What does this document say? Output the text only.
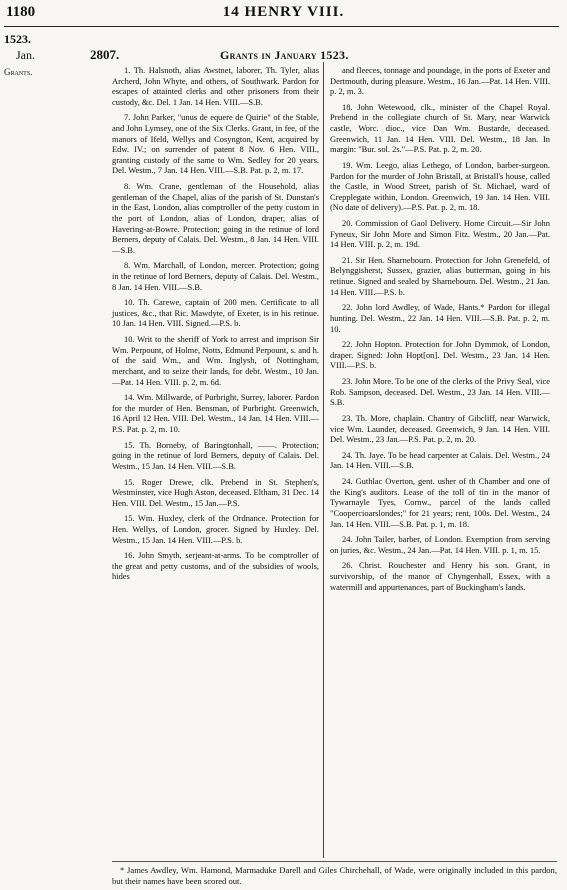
1180	14 HENRY VIII.
1523.
Jan.
Grants.
2807.	Grants in January 1523.

1. Th. Halsnoth, alias Awstnet, laborer, Th. Tyler, alias Archerd, John Whyte, and others, of Southwark. Pardon for escapes of attainted clerks and other prisoners from their custody, &c. Del. 1 Jan. 14 Hen. VIII.—S.B.

7. John Parker, "unus de equere de Quirie" of the Stable, and John Lymsey, one of the Six Clerks. Grant, in fee, of the manors of Ifeld, Wellys and Cosyngton, Kent, acquired by Edw. IV.; on surrender of patent 8 Nov. 6 Hen. VIII., granting custody of the same to Wm. Sedley for 20 years. Del. Westm., 7 Jan. 14 Hen. VIII.—S.B. Pat. p. 2, m. 17.

8. Wm. Crane, gentleman of the Household, alias gentleman of the Chapel, alias of the parish of St. Dunstan's in the East, London, alias comptroller of the petty custom in the port of London, alias of London, draper, alias of Havering-at-Bowre. Protection; going in the retinue of lord Berners, deputy of Calais. Del. Westm., 8 Jan. 14 Hen. VIII.—S.B.

8. Wm. Marchall, of London, mercer. Protection; going in the retinue of lord Berners, deputy of Calais. Del. Westm., 8 Jan. 14 Hen. VIII.—S.B.

10. Th. Carewe, captain of 200 men. Certificate to all justices, &c., that Ric. Mawdyte, of Exeter, is in his retinue. 10 Jan. 14 Hen. VIII. Signed.—P.S. b.

10. Writ to the sheriff of York to arrest and imprison Sir Wm. Perpount, of Holme, Notts, Edmund Perpount, s. and h. of the said Wm., and Wm. Inglysh, of Nottingham, merchant, and to seize their lands, for debt. Westm., 10 Jan.—Pat. 14 Hen. VIII. p. 2, m. 6d.

14. Wm. Millwarde, of Purbright, Surrey, laborer. Pardon for the murder of Hen. Bensman, of Purbright. Greenwich, 16 April 12 Hen. VIII. Del. Westm., 14 Jan. 14 Hen. VIII.—P.S. Pat. p. 2, m. 10.

15. Th. Borneby, of Baringtonhall, ——. Protection; going in the retinue of lord Berners, deputy of Calais. Del. Westm., 15 Jan. 14 Hen. VIII.—S.B.

15. Roger Drewe, clk. Prebend in St. Stephen's, Westminster, vice Hugh Aston, deceased. Eltham, 31 Dec. 14 Hen. VIII. Del. Westm., 15 Jan.—P.S.

15. Wm. Huxley, clerk of the Ordnance. Protection for Hen. Wellys, of London, grocer. Signed by Huxley. Del. Westm., 15 Jan. 14 Hen. VIII.—P.S. b.

16. John Smyth, serjeant-at-arms. To be comptroller of the great and petty customs, and of the subsidies of wools, hides

and fleeces, tonnage and poundage, in the ports of Exeter and Dertmouth, during pleasure. Westm., 16 Jan.—Pat. 14 Hen. VIII. p. 2, m. 3.

18. John Wetewood, clk., minister of the Chapel Royal. Prebend in the collegiate church of St. Mary, near Warwick castle, Worc. dioc., vice Dan Wm. Bustarde, deceased. Greenwich, 11 Jan. 14 Hen. VIII. Del. Westm., 18 Jan. In margin: "Bur. sol. 2s."—P.S. Pat. p. 2, m. 20.

19. Wm. Leego, alias Lethego, of London, barber-surgeon. Pardon for the murder of John Bristall, at Bristall's house, called the Castle, in Wood Street, parish of St. Michael, ward of Crepplegate within, London. Greenwich, 19 Jan. 14 Hen. VIII. (No date of delivery).—P.S. Pat. p. 2, m. 18.

20. Commission of Gaol Delivery. Home Circuit.—Sir John Fyneux, Sir John More and Simon Fitz. Westm., 20 Jan.—Pat. 14 Hen. VIII. p. 2, m. 19d.

21. Sir Hen. Sharnebourn. Protection for John Grenefeld, of Belynggisherst, Sussex, grazier, alias butterman, going in his retinue. Signed and sealed by Sharnebourn. Del. Westm., 21 Jan. 14 Hen. VIII.—P.S. b.

22. John lord Awdley, of Wade, Hants.* Pardon for illegal hunting. Del. Westm., 22 Jan. 14 Hen. VIII.—S.B. Pat. p. 2, m. 10.

22. John Hopton. Protection for John Dymmok, of London, draper. Signed: John Hopt[on]. Del. Westm., 23 Jan. 14 Hen. VIII.—P.S. b.

23. John More. To be one of the clerks of the Privy Seal, vice Rob. Sampson, deceased. Del. Westm., 23 Jan. 14 Hen. VIII.—S.B.

23. Th. More, chaplain. Chantry of Gibcliff, near Warwick, vice Wm. Launder, deceased. Greenwich, 9 Jan. 14 Hen. VIII. Del. Westm., 23 Jan.—P.S. Pat. p. 2, m. 20.

24. Th. Jaye. To be head carpenter at Calais. Del. Westm., 24 Jan. 14 Hen. VIII.—S.B.

24. Guthlac Overton, gent. usher of th Chamber and one of the King's auditors. Lease of the toll of tin in the manor of Tywarnayle Tyes, Cornw., parcel of the lands called "Coopercioarslondes;" for 21 years; rent, 100s. Del. Westm., 24 Jan. 14 Hen. VIII.—S.B. Pat. p. 1, m. 18.

24. John Tailer, barber, of London. Exemption from serving on juries, &c. Westm., 24 Jan.—Pat. 14 Hen. VIII. p. 1, m. 15.

26. Christ. Rouchester and Henry his son. Grant, in survivorship, of the manor of Chyngenhall, Essex, with a watermill and appurtenances, part of Buckingham's lands.

* James Awdley, Wm. Hamond, Marmaduke Darell and Giles Chirchehall, of Wade, were originally included in this pardon, but their names have been scored out.
